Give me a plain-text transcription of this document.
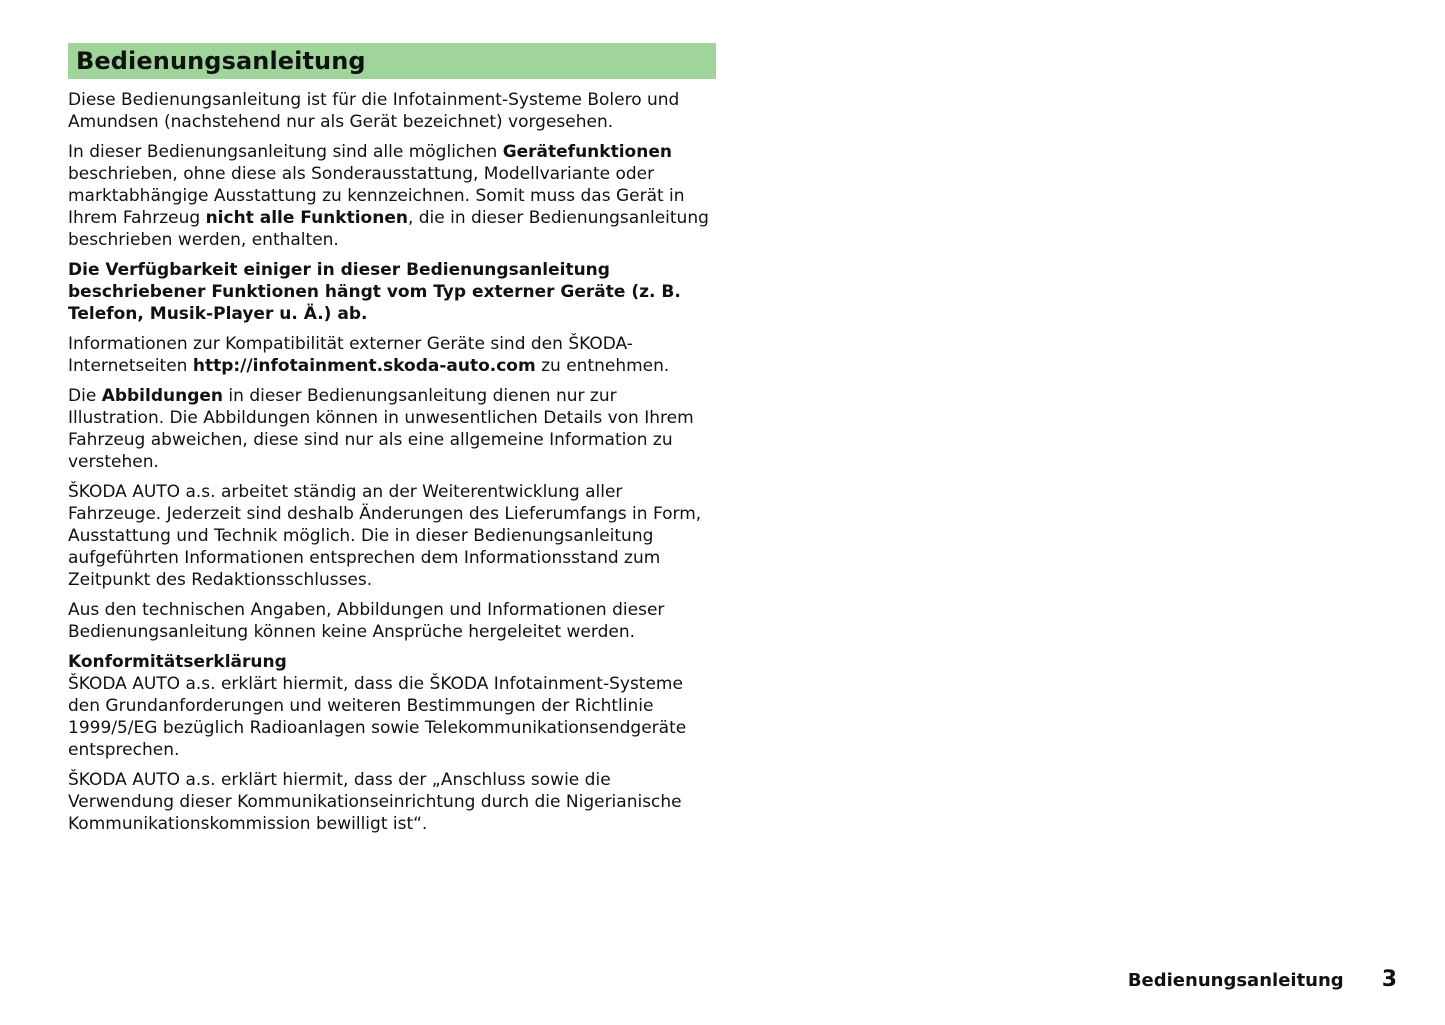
Bedienungsanleitung

Diese Bedienungsanleitung ist für die Infotainment-Systeme Bolero und Amundsen (nachstehend nur als Gerät bezeichnet) vorgesehen.

In dieser Bedienungsanleitung sind alle möglichen Gerätefunktionen beschrieben, ohne diese als Sonderausstattung, Modellvariante oder marktabhängige Ausstattung zu kennzeichnen. Somit muss das Gerät in Ihrem Fahrzeug nicht alle Funktionen, die in dieser Bedienungsanleitung beschrieben werden, enthalten.

Die Verfügbarkeit einiger in dieser Bedienungsanleitung beschriebener Funktionen hängt vom Typ externer Geräte (z. B. Telefon, Musik-Player u. Ä.) ab.

Informationen zur Kompatibilität externer Geräte sind den ŠKODA-Internetseiten http://infotainment.skoda-auto.com zu entnehmen.

Die Abbildungen in dieser Bedienungsanleitung dienen nur zur Illustration. Die Abbildungen können in unwesentlichen Details von Ihrem Fahrzeug abweichen, diese sind nur als eine allgemeine Information zu verstehen.

ŠKODA AUTO a.s. arbeitet ständig an der Weiterentwicklung aller Fahrzeuge. Jederzeit sind deshalb Änderungen des Lieferumfangs in Form, Ausstattung und Technik möglich. Die in dieser Bedienungsanleitung aufgeführten Informationen entsprechen dem Informationsstand zum Zeitpunkt des Redaktionsschlusses.

Aus den technischen Angaben, Abbildungen und Informationen dieser Bedienungsanleitung können keine Ansprüche hergeleitet werden.

Konformitätserklärung

ŠKODA AUTO a.s. erklärt hiermit, dass die ŠKODA Infotainment-Systeme den Grundanforderungen und weiteren Bestimmungen der Richtlinie 1999/5/EG bezüglich Radioanlagen sowie Telekommunikationsendgeräte entsprechen.

ŠKODA AUTO a.s. erklärt hiermit, dass der „Anschluss sowie die Verwendung dieser Kommunikationseinrichtung durch die Nigerianische Kommunikationskommission bewilligt ist“.

Bedienungsanleitung 3
